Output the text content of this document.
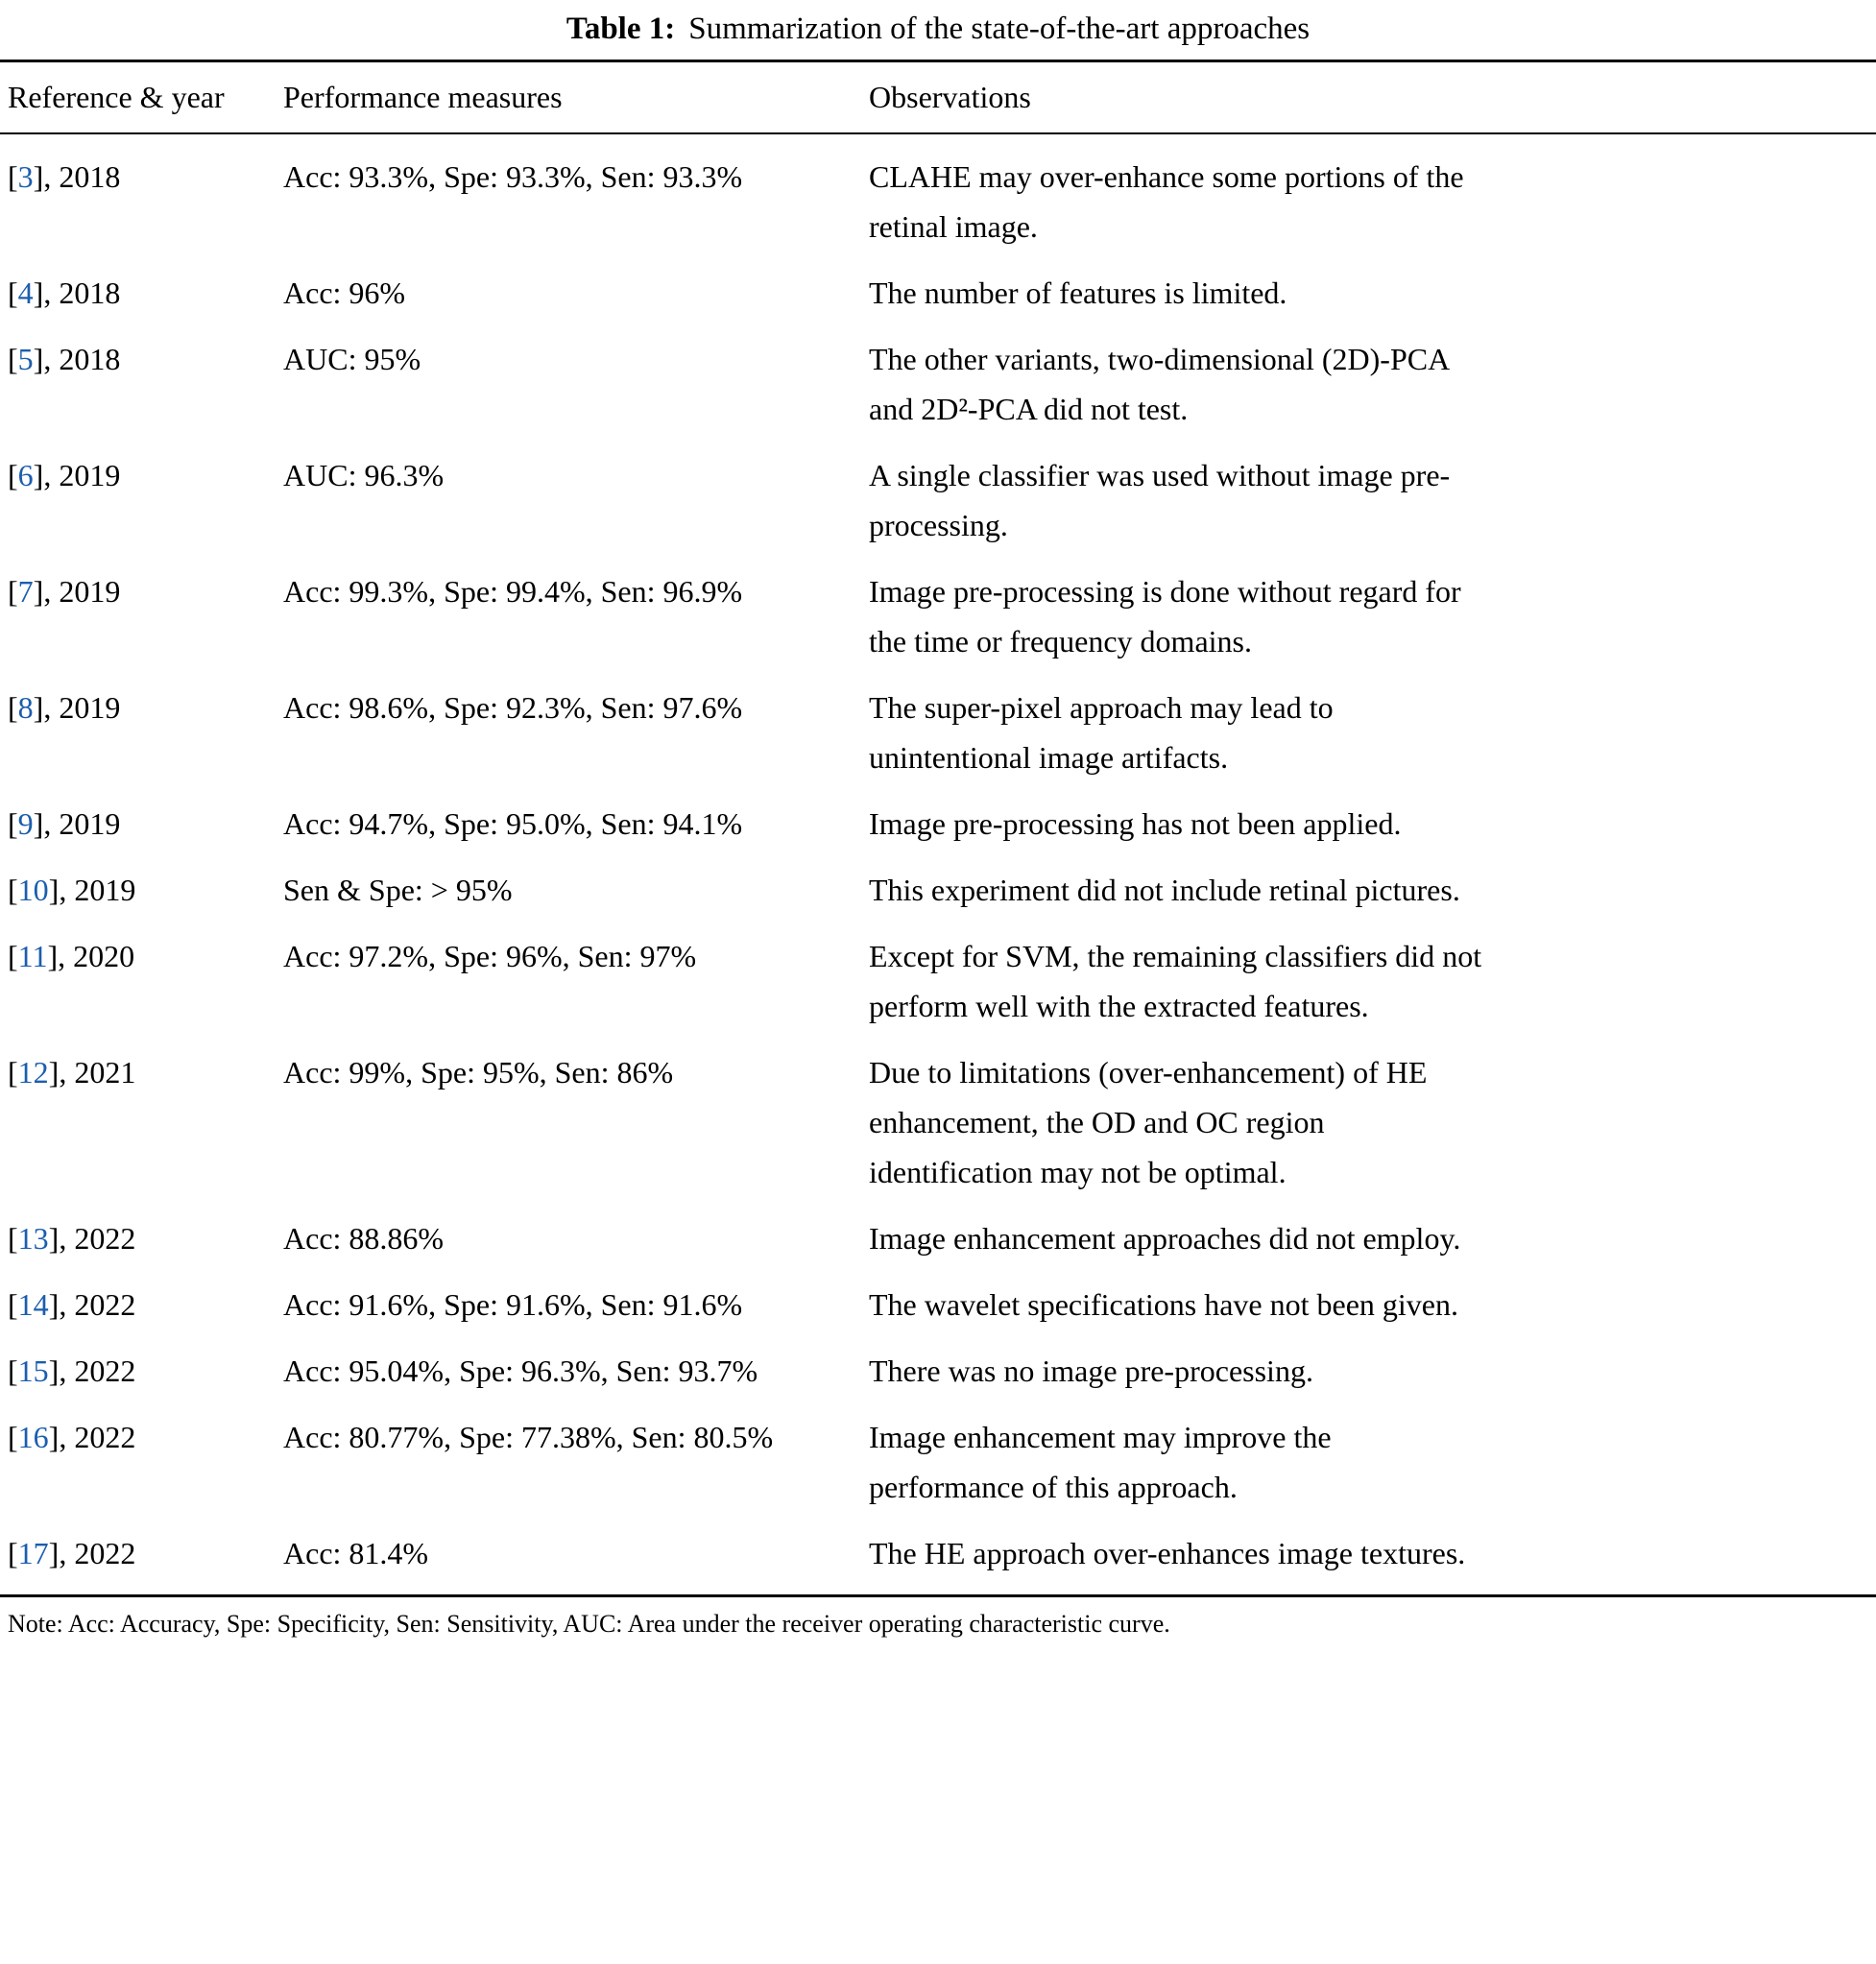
Table 1: Summarization of the state-of-the-art approaches
Reference & year	Performance measures	Observations
[3], 2018	Acc: 93.3%, Spe: 93.3%, Sen: 93.3%	CLAHE may over-enhance some portions of the retinal image.
[4], 2018	Acc: 96%	The number of features is limited.
[5], 2018	AUC: 95%	The other variants, two-dimensional (2D)-PCA and 2D²-PCA did not test.
[6], 2019	AUC: 96.3%	A single classifier was used without image pre-processing.
[7], 2019	Acc: 99.3%, Spe: 99.4%, Sen: 96.9%	Image pre-processing is done without regard for the time or frequency domains.
[8], 2019	Acc: 98.6%, Spe: 92.3%, Sen: 97.6%	The super-pixel approach may lead to unintentional image artifacts.
[9], 2019	Acc: 94.7%, Spe: 95.0%, Sen: 94.1%	Image pre-processing has not been applied.
[10], 2019	Sen & Spe: > 95%	This experiment did not include retinal pictures.
[11], 2020	Acc: 97.2%, Spe: 96%, Sen: 97%	Except for SVM, the remaining classifiers did not perform well with the extracted features.
[12], 2021	Acc: 99%, Spe: 95%, Sen: 86%	Due to limitations (over-enhancement) of HE enhancement, the OD and OC region identification may not be optimal.
[13], 2022	Acc: 88.86%	Image enhancement approaches did not employ.
[14], 2022	Acc: 91.6%, Spe: 91.6%, Sen: 91.6%	The wavelet specifications have not been given.
[15], 2022	Acc: 95.04%, Spe: 96.3%, Sen: 93.7%	There was no image pre-processing.
[16], 2022	Acc: 80.77%, Spe: 77.38%, Sen: 80.5%	Image enhancement may improve the performance of this approach.
[17], 2022	Acc: 81.4%	The HE approach over-enhances image textures.
Note: Acc: Accuracy, Spe: Specificity, Sen: Sensitivity, AUC: Area under the receiver operating characteristic curve.
